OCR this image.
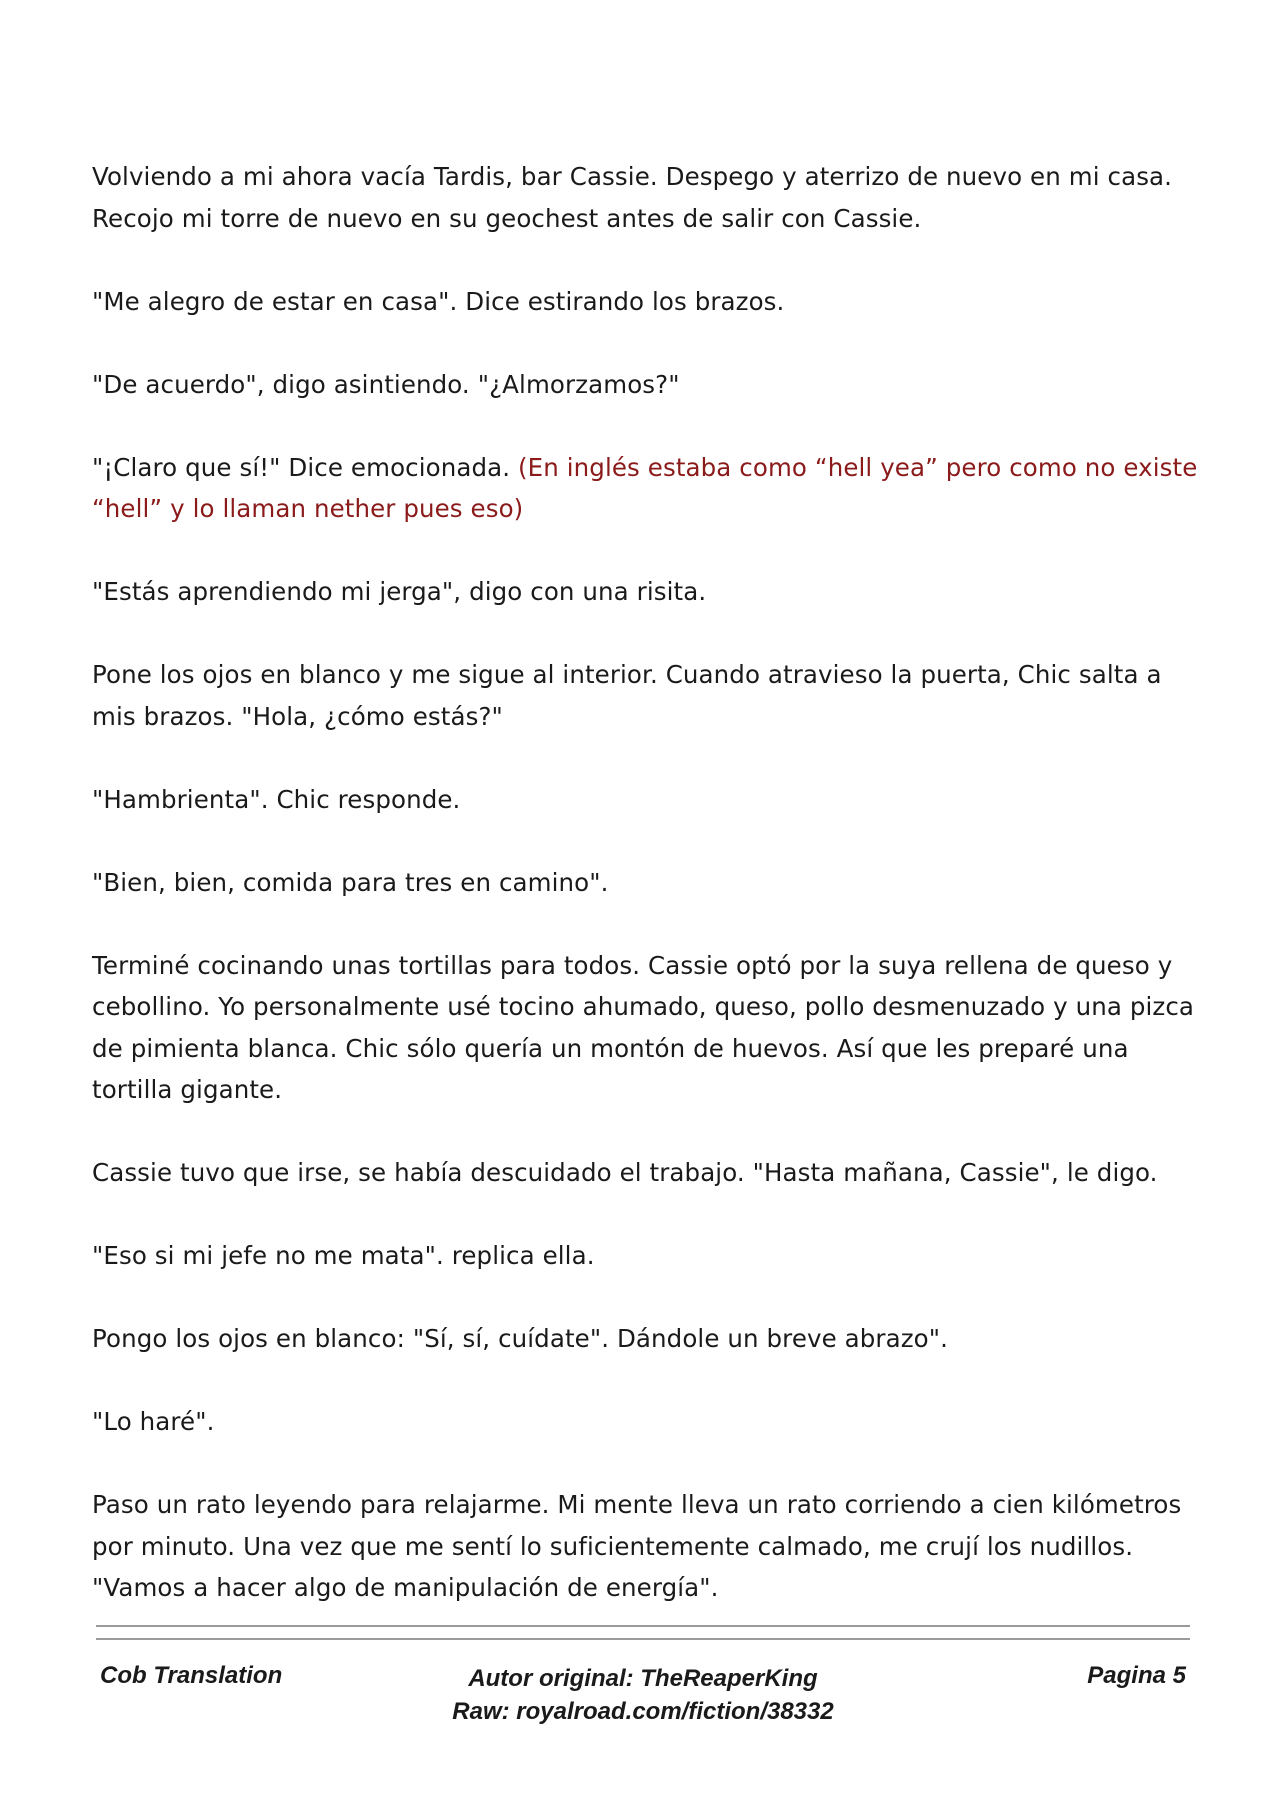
Volviendo a mi ahora vacía Tardis, bar Cassie. Despego y aterrizo de nuevo en mi casa. Recojo mi torre de nuevo en su geochest antes de salir con Cassie.

"Me alegro de estar en casa". Dice estirando los brazos.

"De acuerdo", digo asintiendo. "¿Almorzamos?"

"¡Claro que sí!" Dice emocionada. (En inglés estaba como “hell yea” pero como no existe “hell” y lo llaman nether pues eso)

"Estás aprendiendo mi jerga", digo con una risita.

Pone los ojos en blanco y me sigue al interior. Cuando atravieso la puerta, Chic salta a mis brazos. "Hola, ¿cómo estás?"

"Hambrienta". Chic responde.

"Bien, bien, comida para tres en camino".

Terminé cocinando unas tortillas para todos. Cassie optó por la suya rellena de queso y cebollino. Yo personalmente usé tocino ahumado, queso, pollo desmenuzado y una pizca de pimienta blanca. Chic sólo quería un montón de huevos. Así que les preparé una tortilla gigante.

Cassie tuvo que irse, se había descuidado el trabajo. "Hasta mañana, Cassie", le digo.

"Eso si mi jefe no me mata". replica ella.

Pongo los ojos en blanco: "Sí, sí, cuídate". Dándole un breve abrazo".

"Lo haré".

Paso un rato leyendo para relajarme. Mi mente lleva un rato corriendo a cien kilómetros por minuto. Una vez que me sentí lo suficientemente calmado, me crují los nudillos. "Vamos a hacer algo de manipulación de energía".

Cob Translation	Autor original: TheReaperKing
Raw: royalroad.com/fiction/38332
Pagina 5
